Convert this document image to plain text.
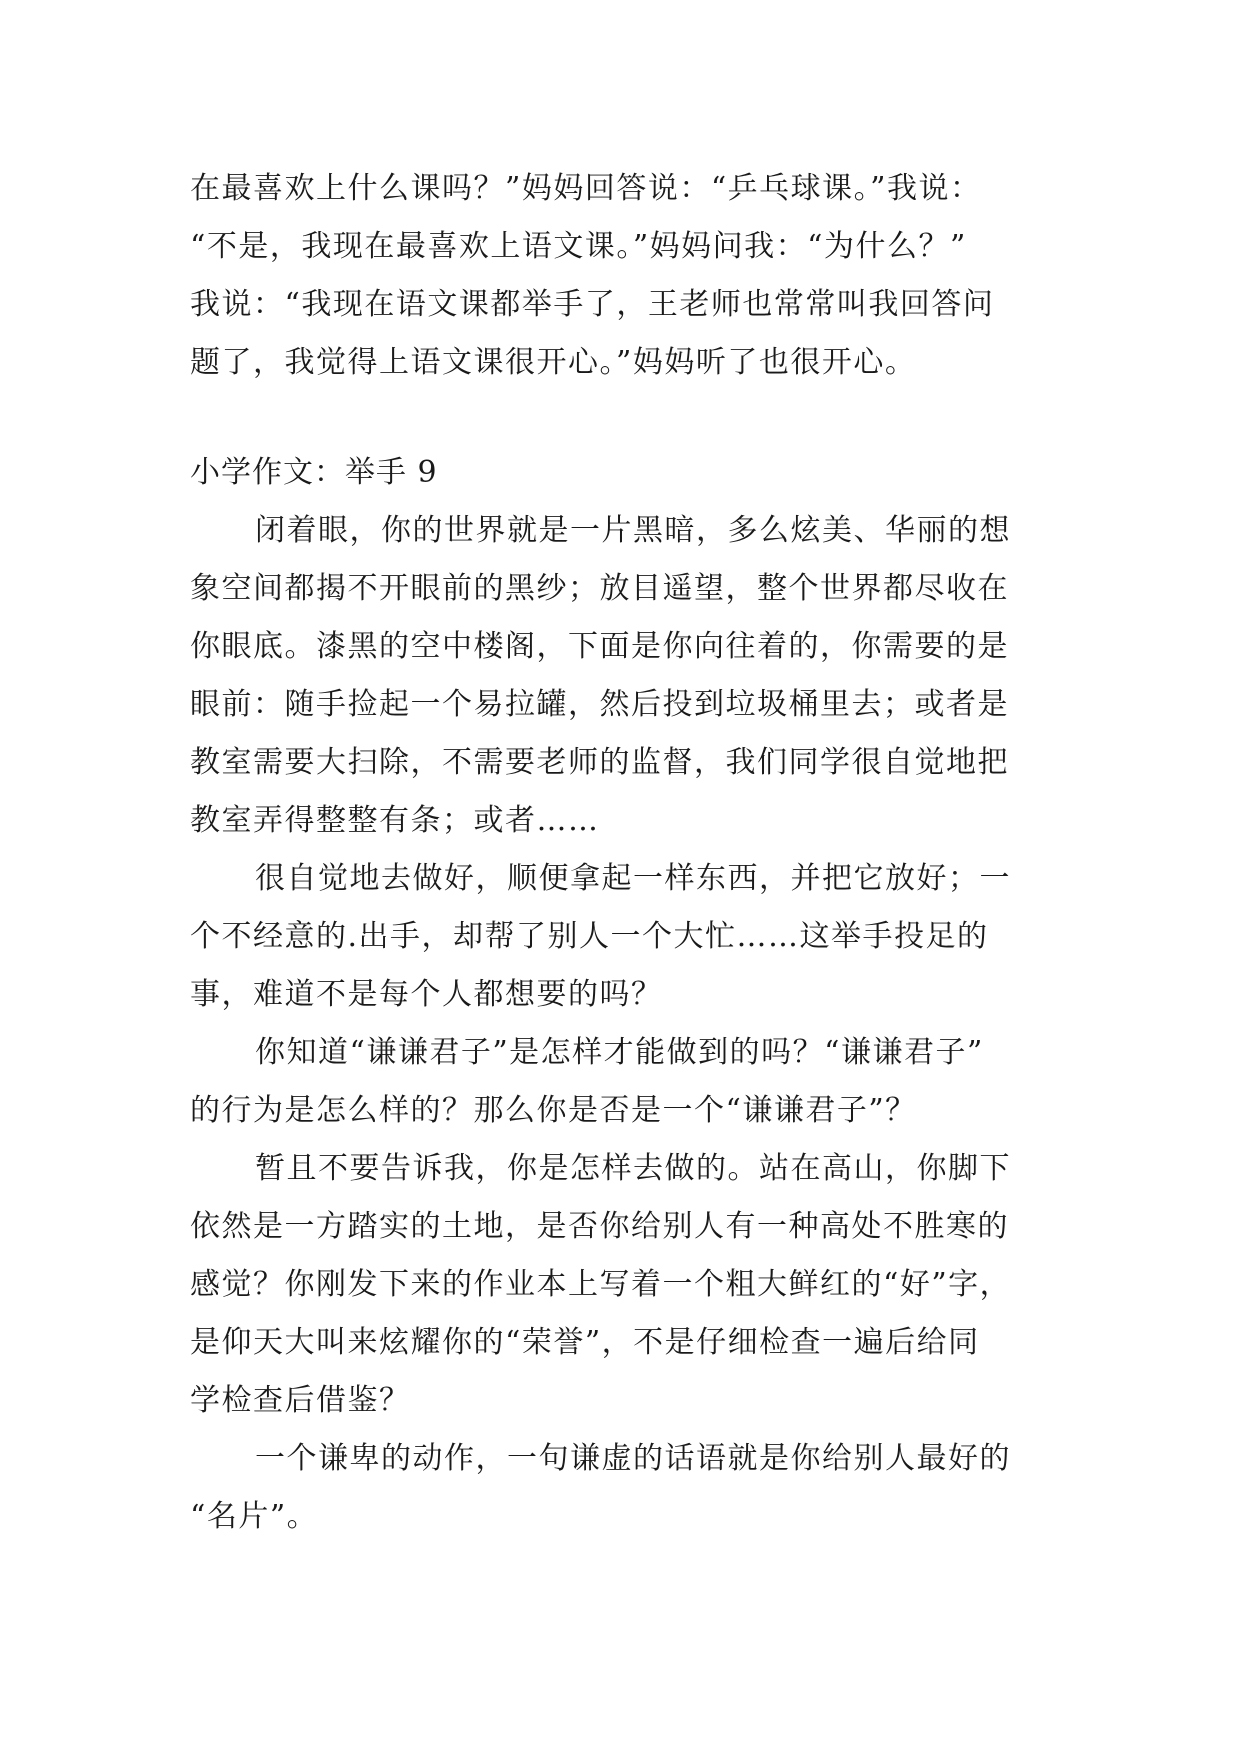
在最喜欢上什么课吗？”妈妈回答说：“乒乓球课。”我说：
“不是，我现在最喜欢上语文课。”妈妈问我：“为什么？”
我说：“我现在语文课都举手了，王老师也常常叫我回答问
题了，我觉得上语文课很开心。”妈妈听了也很开心。
小学作文：举手 9
闭着眼，你的世界就是一片黑暗，多么炫美、华丽的想
象空间都揭不开眼前的黑纱；放目遥望，整个世界都尽收在
你眼底。漆黑的空中楼阁，下面是你向往着的，你需要的是
眼前：随手捡起一个易拉罐，然后投到垃圾桶里去；或者是
教室需要大扫除，不需要老师的监督，我们同学很自觉地把
教室弄得整整有条；或者……
很自觉地去做好，顺便拿起一样东西，并把它放好；一
个不经意的.出手，却帮了别人一个大忙……这举手投足的
事，难道不是每个人都想要的吗？
你知道“谦谦君子”是怎样才能做到的吗？“谦谦君子”
的行为是怎么样的？那么你是否是一个“谦谦君子”？
暂且不要告诉我，你是怎样去做的。站在高山，你脚下
依然是一方踏实的土地，是否你给别人有一种高处不胜寒的
感觉？你刚发下来的作业本上写着一个粗大鲜红的“好”字，
是仰天大叫来炫耀你的“荣誉”，不是仔细检查一遍后给同
学检查后借鉴？
一个谦卑的动作，一句谦虚的话语就是你给别人最好的
“名片”。
